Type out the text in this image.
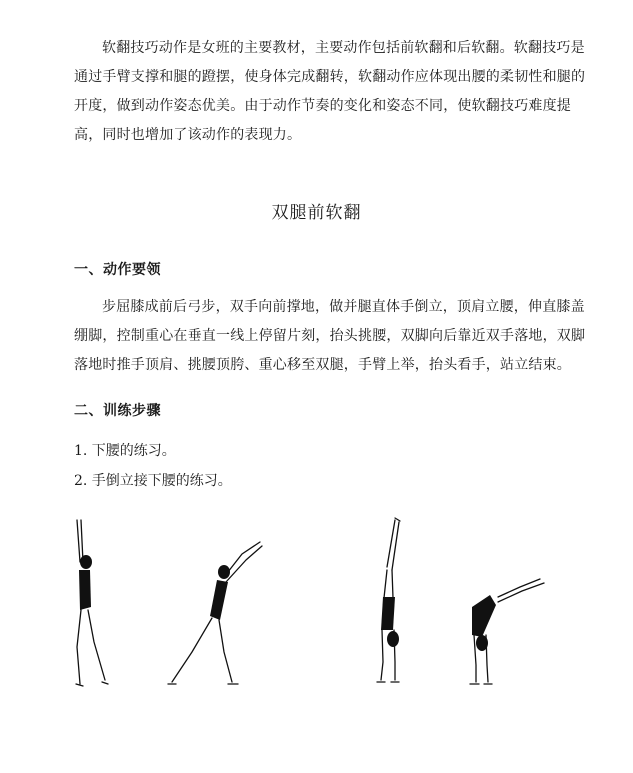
软翻技巧动作是女班的主要教材，主要动作包括前软翻和后软翻。软翻技巧是通过手臂支撑和腿的蹬摆，使身体完成翻转，软翻动作应体现出腰的柔韧性和腿的开度，做到动作姿态优美。由于动作节奏的变化和姿态不同，使软翻技巧难度提高，同时也增加了该动作的表现力。

双腿前软翻
一、动作要领

步屈膝成前后弓步，双手向前撑地，做并腿直体手倒立，顶肩立腰，伸直膝盖绷脚，控制重心在垂直一线上停留片刻，抬头挑腰，双脚向后靠近双手落地，双脚落地时推手顶肩、挑腰顶胯、重心移至双腿，手臂上举，抬头看手，站立结束。

二、训练步骤
1. 下腰的练习。
2. 手倒立接下腰的练习。
